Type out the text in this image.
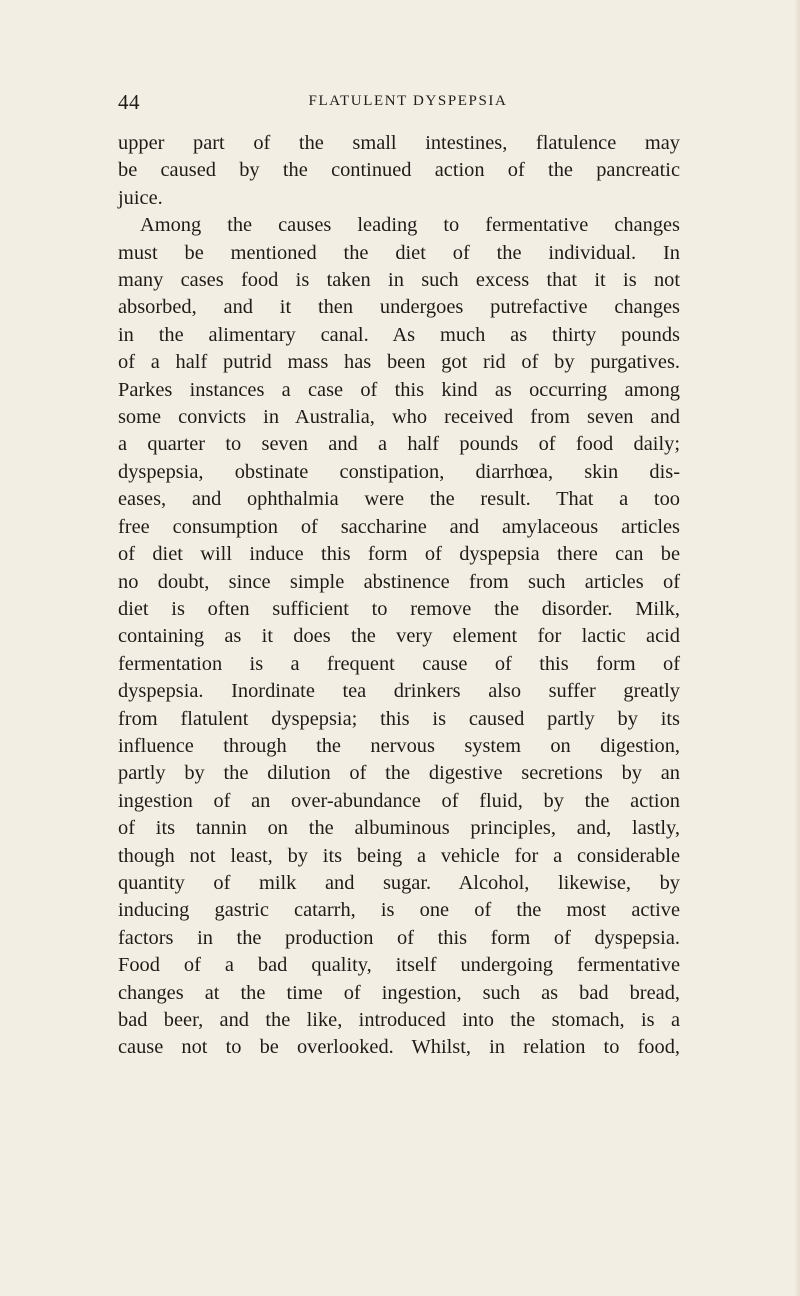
44	FLATULENT DYSPEPSIA
upper part of the small intestines, flatulence may
be caused by the continued action of the pancreatic
juice.
Among the causes leading to fermentative changes
must be mentioned the diet of the individual. In
many cases food is taken in such excess that it is not
absorbed, and it then undergoes putrefactive changes
in the alimentary canal. As much as thirty pounds
of a half putrid mass has been got rid of by purgatives.
Parkes instances a case of this kind as occurring among
some convicts in Australia, who received from seven and
a quarter to seven and a half pounds of food daily;
dyspepsia, obstinate constipation, diarrhœa, skin dis-
eases, and ophthalmia were the result. That a too
free consumption of saccharine and amylaceous articles
of diet will induce this form of dyspepsia there can be
no doubt, since simple abstinence from such articles of
diet is often sufficient to remove the disorder. Milk,
containing as it does the very element for lactic acid
fermentation is a frequent cause of this form of
dyspepsia. Inordinate tea drinkers also suffer greatly
from flatulent dyspepsia; this is caused partly by its
influence through the nervous system on digestion,
partly by the dilution of the digestive secretions by an
ingestion of an over-abundance of fluid, by the action
of its tannin on the albuminous principles, and, lastly,
though not least, by its being a vehicle for a considerable
quantity of milk and sugar. Alcohol, likewise, by
inducing gastric catarrh, is one of the most active
factors in the production of this form of dyspepsia.
Food of a bad quality, itself undergoing fermentative
changes at the time of ingestion, such as bad bread,
bad beer, and the like, introduced into the stomach, is a
cause not to be overlooked. Whilst, in relation to food,
